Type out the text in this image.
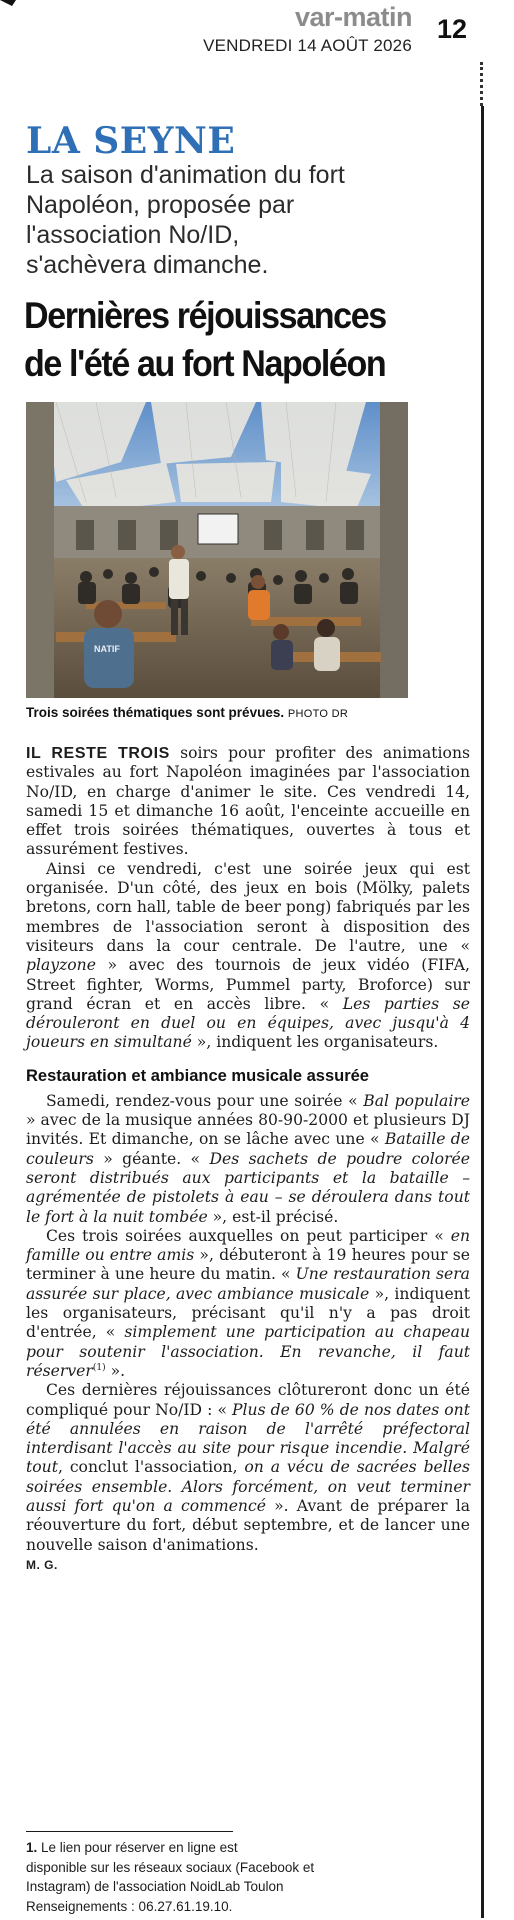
var-matin
VENDREDI 14 AOÛT 2026
12
LA SEYNE
La saison d'animation du fort
Napoléon, proposée par
l'association No/ID,
s'achèvera dimanche.
Dernières réjouissances
de l'été au fort Napoléon
NATIF
Trois soirées thématiques sont prévues. PHOTO DR

IL RESTE TROIS soirs pour profiter des animations estivales au fort Napoléon imaginées par l'association No/ID, en charge d'animer le site. Ces vendredi 14, samedi 15 et dimanche 16 août, l'enceinte accueille en effet trois soirées thématiques, ouvertes à tous et assurément festives.

Ainsi ce vendredi, c'est une soirée jeux qui est organisée. D'un côté, des jeux en bois (Mölky, palets bretons, corn hall, table de beer pong) fabriqués par les membres de l'association seront à disposition des visiteurs dans la cour centrale. De l'autre, une « playzone » avec des tournois de jeux vidéo (FIFA, Street fighter, Worms, Pummel party, Broforce) sur grand écran et en accès libre. « Les parties se dérouleront en duel ou en équipes, avec jusqu'à 4 joueurs en simultané », indiquent les organisateurs.

Restauration et ambiance musicale assurée

Samedi, rendez-vous pour une soirée « Bal populaire » avec de la musique années 80-90-2000 et plusieurs DJ invités. Et dimanche, on se lâche avec une « Bataille de couleurs » géante. « Des sachets de poudre colorée seront distribués aux participants et la bataille – agrémentée de pistolets à eau – se déroulera dans tout le fort à la nuit tombée », est-il précisé.

Ces trois soirées auxquelles on peut participer « en famille ou entre amis », débuteront à 19 heures pour se terminer à une heure du matin. « Une restauration sera assurée sur place, avec ambiance musicale », indiquent les organisateurs, précisant qu'il n'y a pas droit d'entrée, « simplement une participation au chapeau pour soutenir l'association. En revanche, il faut réserver$^{(1)}$ ».

Ces dernières réjouissances clôtureront donc un été compliqué pour No/ID : « Plus de 60 % de nos dates ont été annulées en raison de l'arrêté préfectoral interdisant l'accès au site pour risque incendie. Malgré tout, conclut l'association, on a vécu de sacrées belles soirées ensemble. Alors forcément, on veut terminer aussi fort qu'on a commencé ». Avant de préparer la réouverture du fort, début septembre, et de lancer une nouvelle saison d'animations.

M. G.
1. Le lien pour réserver en ligne est
disponible sur les réseaux sociaux (Facebook et
Instagram) de l'association NoidLab Toulon
Renseignements : 06.27.61.19.10.
